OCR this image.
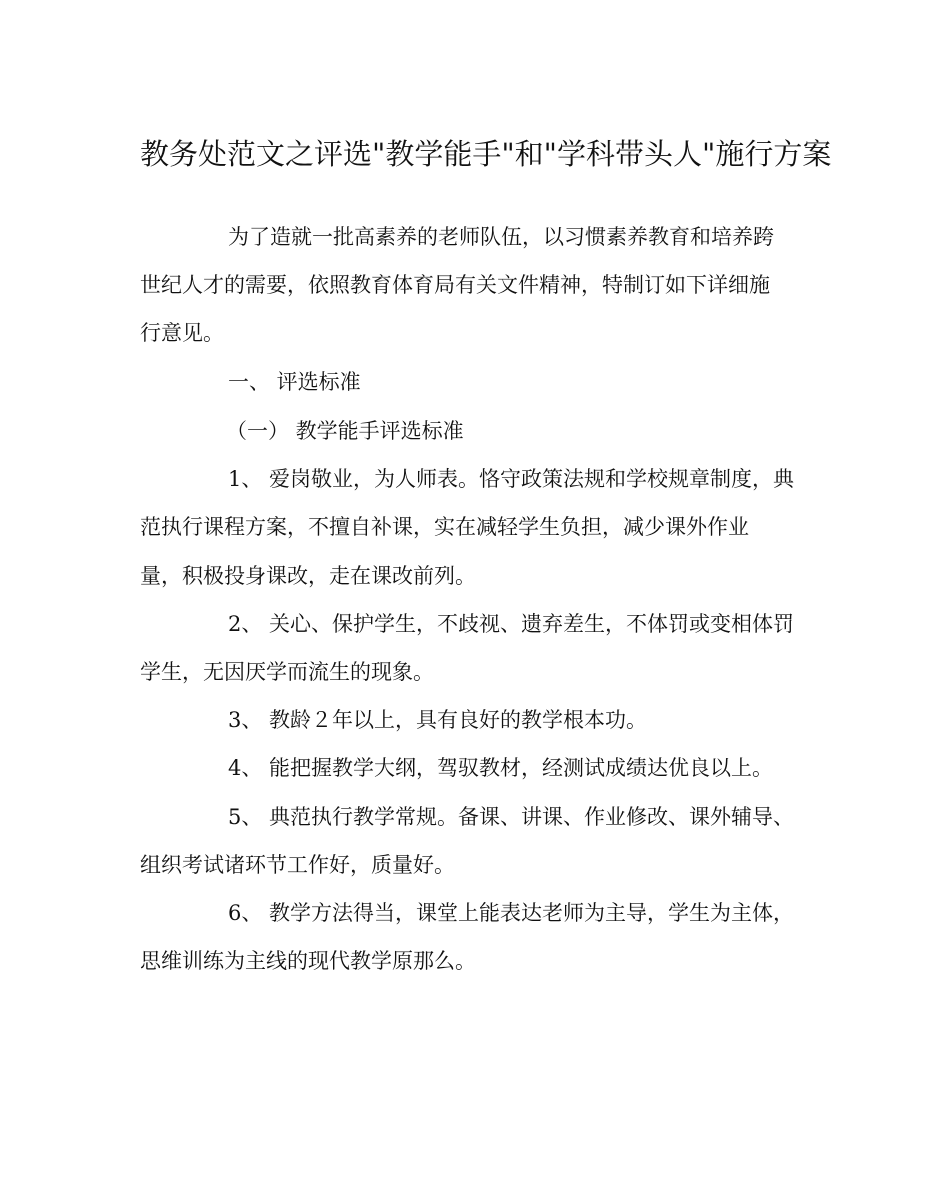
教务处范文之评选"教学能手"和"学科带头人"施行方案
为了造就一批高素养的老师队伍，以习惯素养教育和培养跨
世纪人才的需要，依照教育体育局有关文件精神，特制订如下详细施
行意见。
一、 评选标准
（一） 教学能手评选标准
1、 爱岗敬业，为人师表。恪守政策法规和学校规章制度，典
范执行课程方案，不擅自补课，实在减轻学生负担，减少课外作业
量，积极投身课改，走在课改前列。
2、 关心、保护学生，不歧视、遗弃差生，不体罚或变相体罚
学生，无因厌学而流生的现象。
3、 教龄２年以上，具有良好的教学根本功。
4、 能把握教学大纲，驾驭教材，经测试成绩达优良以上。
5、 典范执行教学常规。备课、讲课、作业修改、课外辅导、
组织考试诸环节工作好，质量好。
6、 教学方法得当，课堂上能表达老师为主导，学生为主体，
思维训练为主线的现代教学原那么。
